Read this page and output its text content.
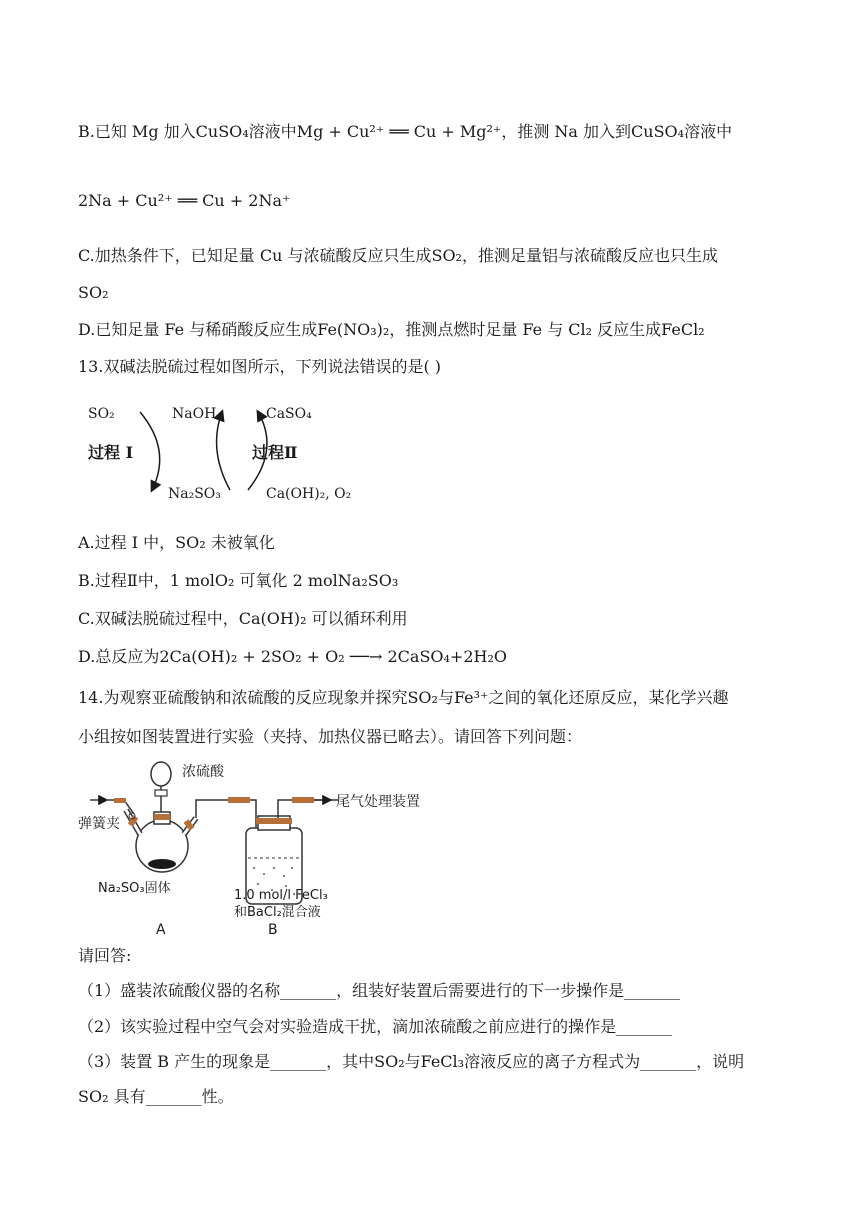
B.已知 Mg 加入CuSO₄溶液中Mg + Cu²⁺ ══ Cu + Mg²⁺，推测 Na 加入到CuSO₄溶液中
2Na + Cu²⁺ ══ Cu + 2Na⁺
C.加热条件下，已知足量 Cu 与浓硫酸反应只生成SO₂，推测足量铝与浓硫酸反应也只生成
SO₂
D.已知足量 Fe 与稀硝酸反应生成Fe(NO₃)₂，推测点燃时足量 Fe 与 Cl₂ 反应生成FeCl₂
13.双碱法脱硫过程如图所示，下列说法错误的是( )
SO₂	NaOH	CaSO₄
过程 I	过程Ⅱ
Na₂SO₃	Ca(OH)₂, O₂
A.过程 I 中，SO₂ 未被氧化
B.过程Ⅱ中，1 molO₂ 可氧化 2 molNa₂SO₃
C.双碱法脱硫过程中，Ca(OH)₂ 可以循环利用
D.总反应为2Ca(OH)₂ + 2SO₂ + O₂ ──→ 2CaSO₄+2H₂O
14.为观察亚硫酸钠和浓硫酸的反应现象并探究SO₂与Fe³⁺之间的氧化还原反应，某化学兴趣
小组按如图装置进行实验（夹持、加热仪器已略去）。请回答下列问题：
浓硫酸
弹簧夹
尾气处理装置
Na₂SO₃固体	1.0 mol/l FeCl₃
和BaCl₂混合液
A	B
请回答:
（1）盛装浓硫酸仪器的名称_______，组装好装置后需要进行的下一步操作是_______
（2）该实验过程中空气会对实验造成干扰，滴加浓硫酸之前应进行的操作是_______
（3）装置 B 产生的现象是_______，其中SO₂与FeCl₃溶液反应的离子方程式为_______，说明
SO₂ 具有_______性。
